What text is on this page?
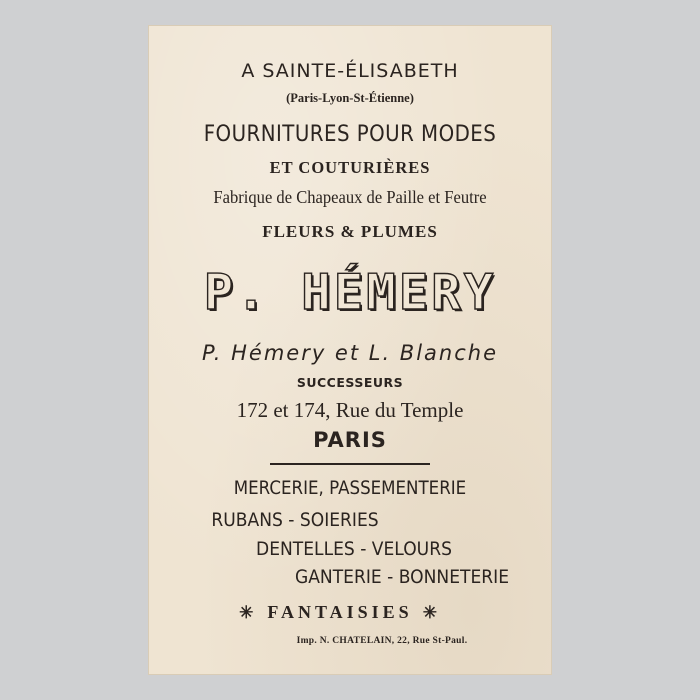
A SAINTE-ÉLISABETH
(Paris-Lyon-St-Étienne)
FOURNITURES POUR MODES
ET COUTURIÈRES
Fabrique de Chapeaux de Paille et Feutre
FLEURS & PLUMES
P. HÉMERY
P. Hémery et L. Blanche
SUCCESSEURS
172 et 174, Rue du Temple
PARIS
MERCERIE, PASSEMENTERIE
RUBANS - SOIERIES
DENTELLES - VELOURS
GANTERIE - BONNETERIE
✳ FANTAISIES ✳
Imp. N. CHATELAIN, 22, Rue St-Paul.
